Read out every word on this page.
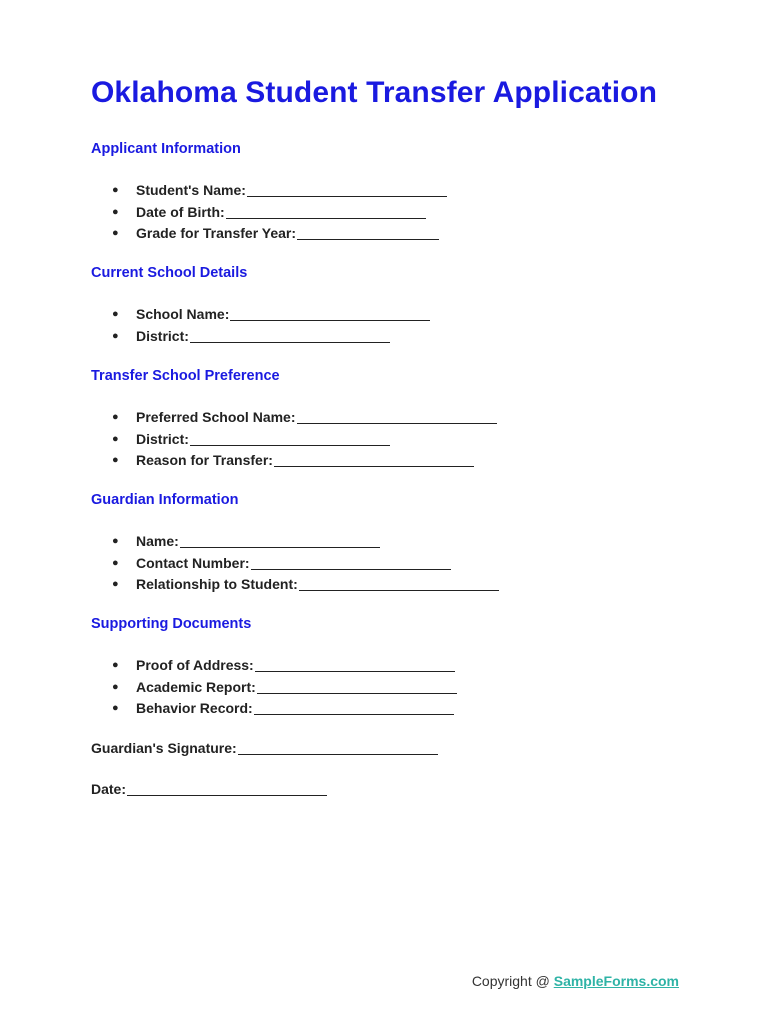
Oklahoma Student Transfer Application
Applicant Information
● Student's Name:
● Date of Birth:
● Grade for Transfer Year:
Current School Details
● School Name:
● District:
Transfer School Preference
● Preferred School Name:
● District:
● Reason for Transfer:
Guardian Information
● Name:
● Contact Number:
● Relationship to Student:
Supporting Documents
● Proof of Address:
● Academic Report:
● Behavior Record:
Guardian's Signature:
Date:
Copyright @ SampleForms.com
